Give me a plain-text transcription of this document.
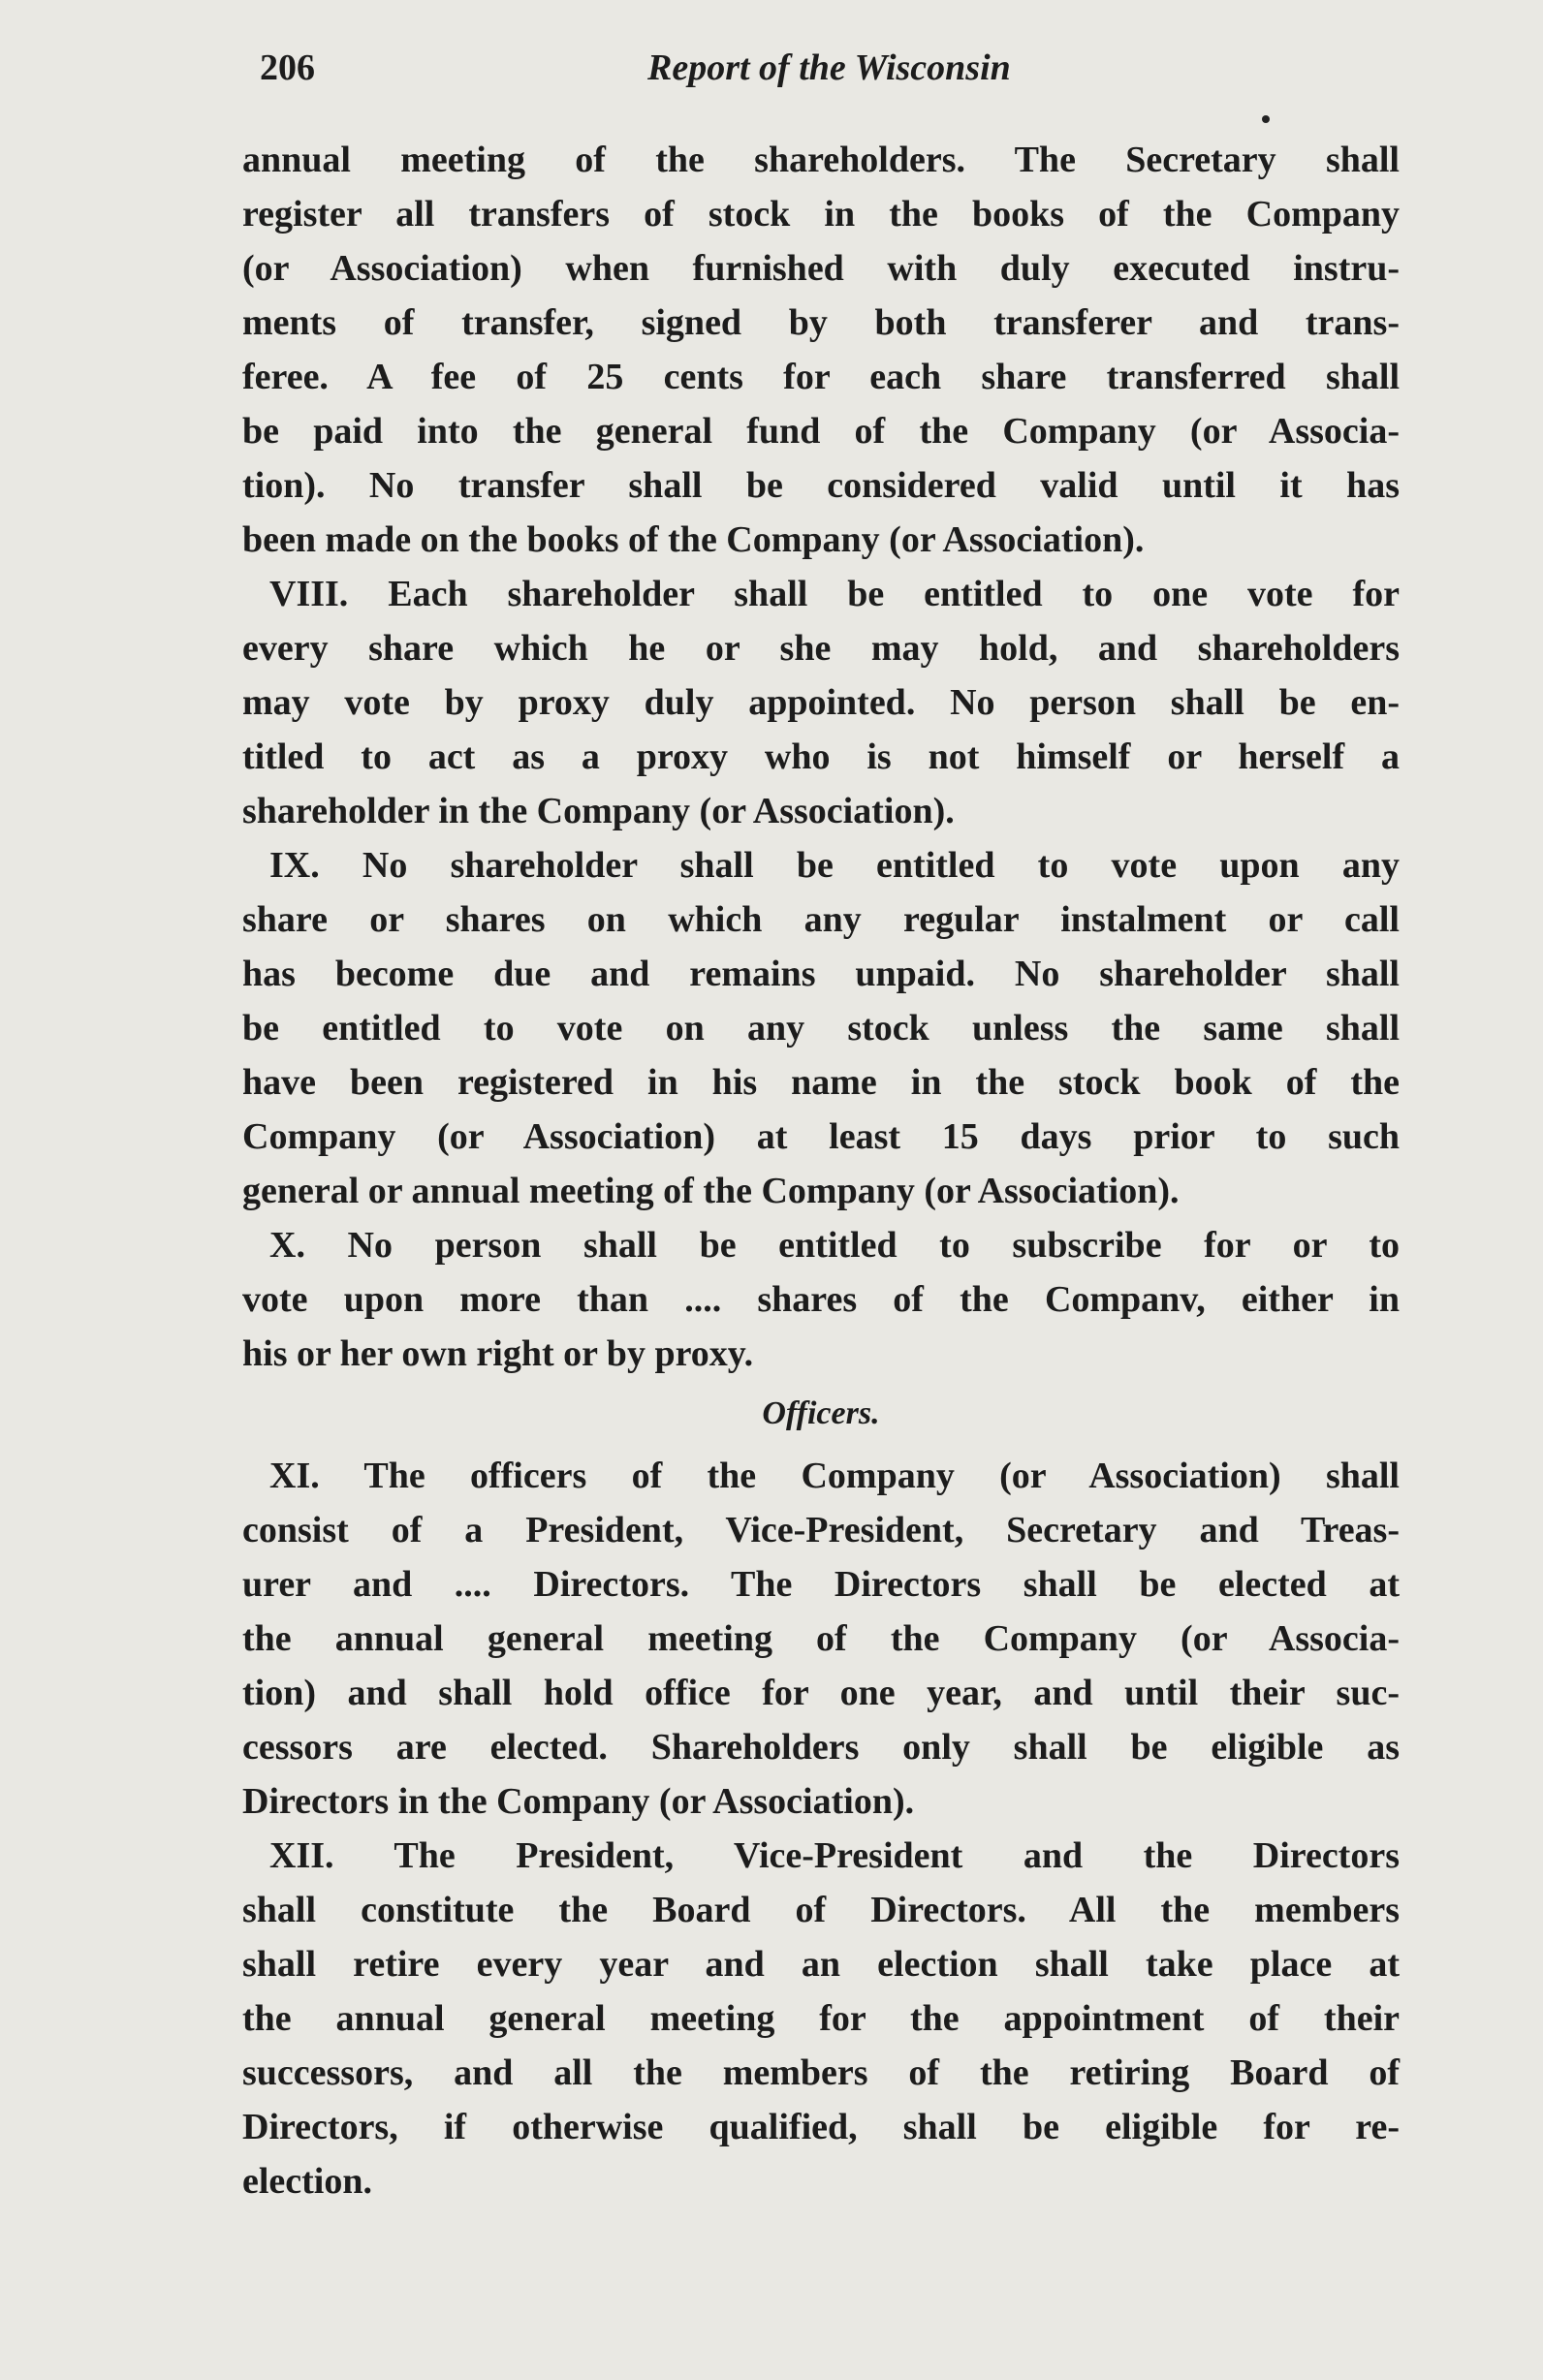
206	Report of the Wisconsin
annual meeting of the shareholders. The Secretary shall
register all transfers of stock in the books of the Company
(or Association) when furnished with duly executed instru-
ments of transfer, signed by both transferer and trans-
feree. A fee of 25 cents for each share transferred shall
be paid into the general fund of the Company (or Associa-
tion). No transfer shall be considered valid until it has
been made on the books of the Company (or Association).
VIII. Each shareholder shall be entitled to one vote for
every share which he or she may hold, and shareholders
may vote by proxy duly appointed. No person shall be en-
titled to act as a proxy who is not himself or herself a
shareholder in the Company (or Association).
IX. No shareholder shall be entitled to vote upon any
share or shares on which any regular instalment or call
has become due and remains unpaid. No shareholder shall
be entitled to vote on any stock unless the same shall
have been registered in his name in the stock book of the
Company (or Association) at least 15 days prior to such
general or annual meeting of the Company (or Association).
X. No person shall be entitled to subscribe for or to
vote upon more than .... shares of the Companv, either in
his or her own right or by proxy.
Officers.
XI. The officers of the Company (or Association) shall
consist of a President, Vice-President, Secretary and Treas-
urer and .... Directors. The Directors shall be elected at
the annual general meeting of the Company (or Associa-
tion) and shall hold office for one year, and until their suc-
cessors are elected. Shareholders only shall be eligible as
Directors in the Company (or Association).
XII. The President, Vice-President and the Directors
shall constitute the Board of Directors. All the members
shall retire every year and an election shall take place at
the annual general meeting for the appointment of their
successors, and all the members of the retiring Board of
Directors, if otherwise qualified, shall be eligible for re-
election.
